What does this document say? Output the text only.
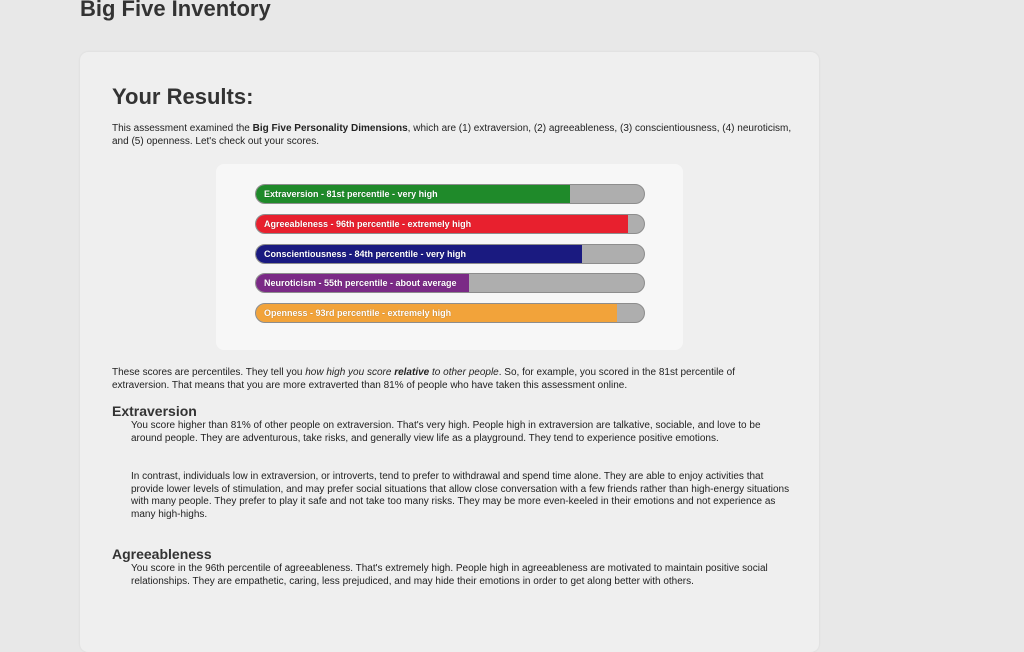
Big Five Inventory
Your Results:

This assessment examined the Big Five Personality Dimensions, which are (1) extraversion, (2) agreeableness, (3) conscientiousness, (4) neuroticism, and (5) openness. Let's check out your scores.

Extraversion - 81st percentile - very high
Agreeableness - 96th percentile - extremely high
Conscientiousness - 84th percentile - very high
Neuroticism - 55th percentile - about average
Openness - 93rd percentile - extremely high

These scores are percentiles. They tell you how high you score relative to other people. So, for example, you scored in the 81st percentile of extraversion. That means that you are more extraverted than 81% of people who have taken this assessment online.

Extraversion

You score higher than 81% of other people on extraversion. That's very high. People high in extraversion are talkative, sociable, and love to be around people. They are adventurous, take risks, and generally view life as a playground. They tend to experience positive emotions.

In contrast, individuals low in extraversion, or introverts, tend to prefer to withdrawal and spend time alone. They are able to enjoy activities that provide lower levels of stimulation, and may prefer social situations that allow close conversation with a few friends rather than high-energy situations with many people. They prefer to play it safe and not take too many risks. They may be more even-keeled in their emotions and not experience as many high-highs.

Agreeableness

You score in the 96th percentile of agreeableness. That's extremely high. People high in agreeableness are motivated to maintain positive social relationships. They are empathetic, caring, less prejudiced, and may hide their emotions in order to get along better with others.
